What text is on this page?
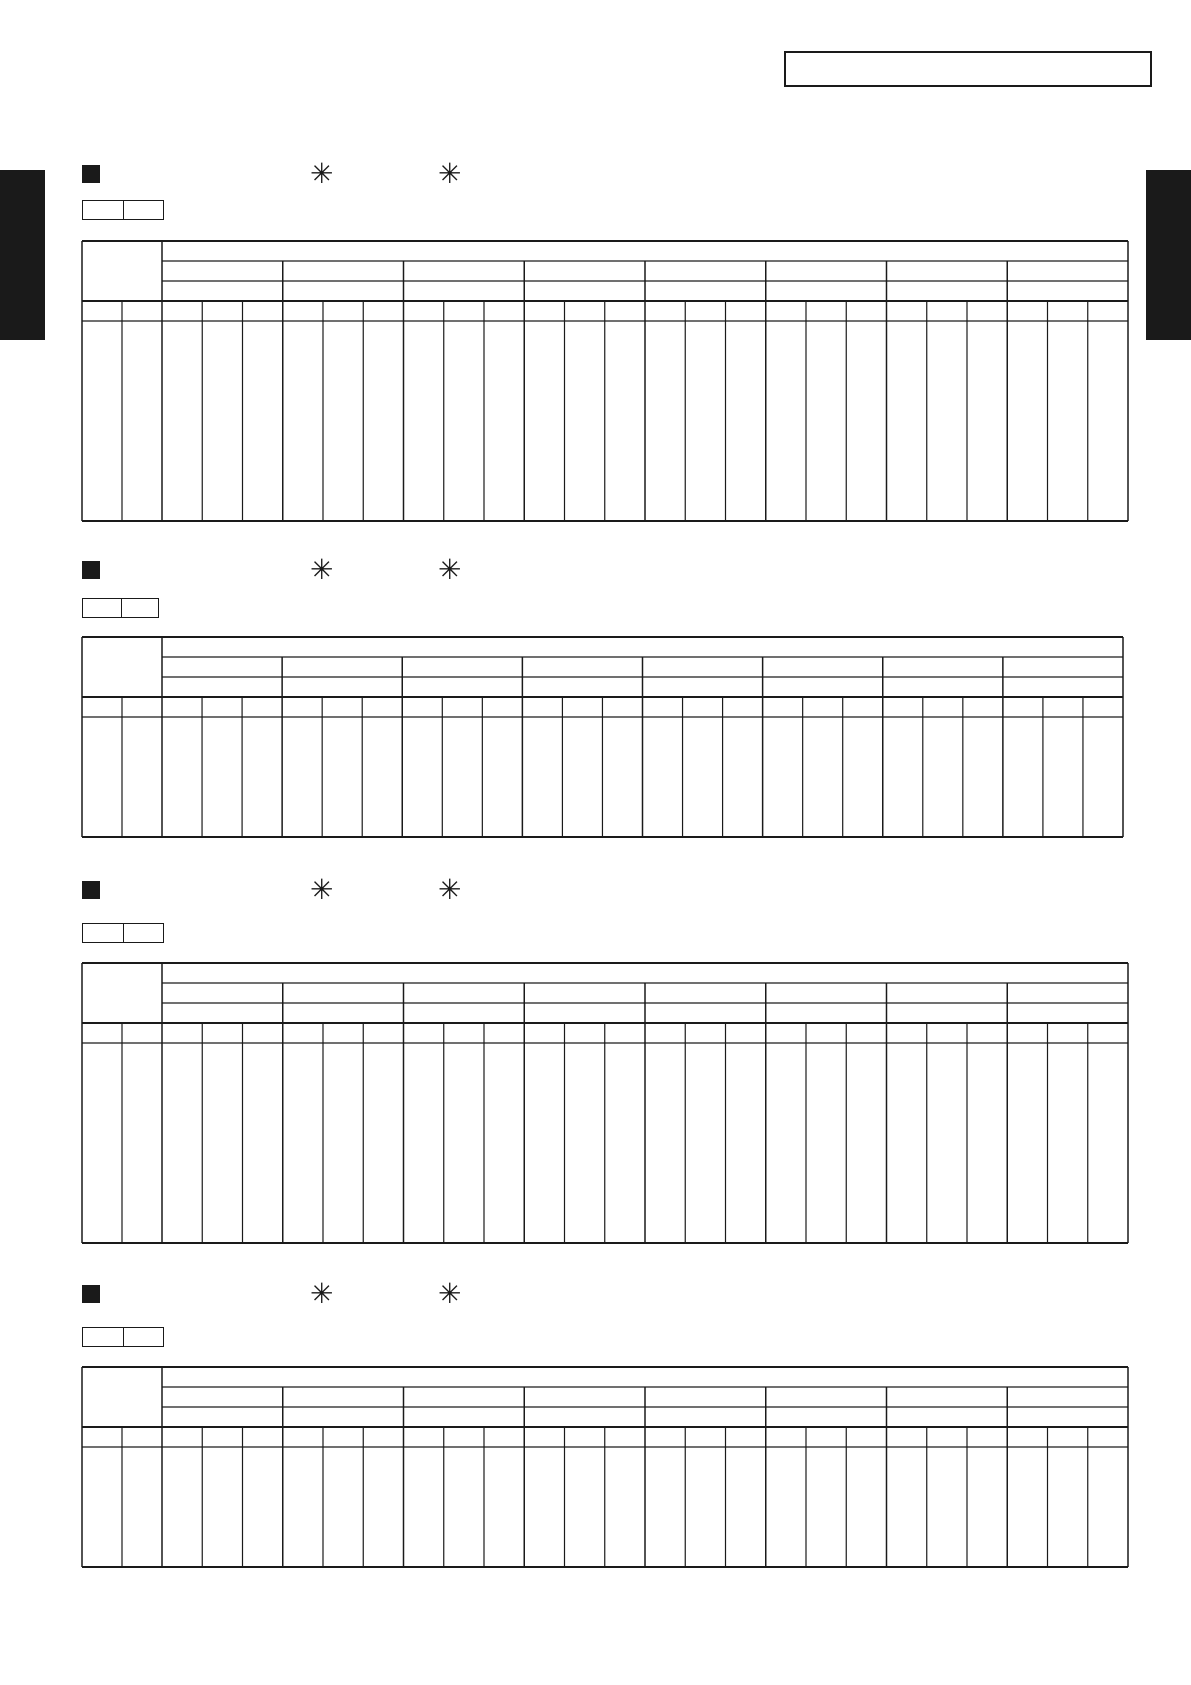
✳	✳
✳	✳
✳	✳
✳	✳
